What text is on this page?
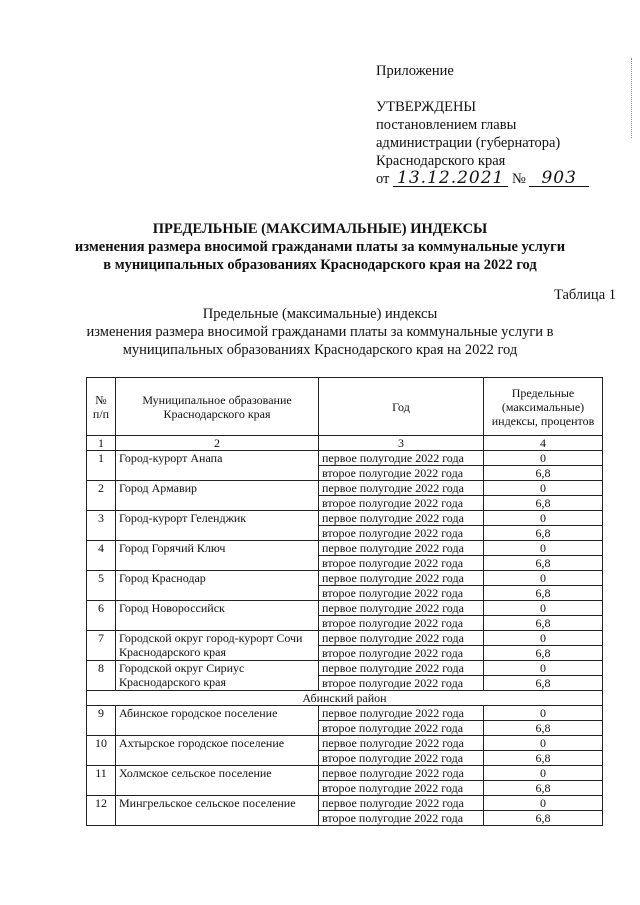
Приложение
УТВЕРЖДЕНЫ
постановлением главы
администрации (губернатора)
Краснодарского края
от 13.12.2021 № 903
ПРЕДЕЛЬНЫЕ (МАКСИМАЛЬНЫЕ) ИНДЕКСЫ
изменения размера вносимой гражданами платы за коммунальные услуги
в муниципальных образованиях Краснодарского края на 2022 год
Таблица 1
Предельные (максимальные) индексы
изменения размера вносимой гражданами платы за коммунальные услуги в
муниципальных образованиях Краснодарского края на 2022 год
№ п/п	Муниципальное образование Краснодарского края	Год	Предельные (максимальные) индексы, процентов
1	2	3	4
1	Город-курорт Анапа	первое полугодие 2022 года	0
		второе полугодие 2022 года	6,8
2	Город Армавир	первое полугодие 2022 года	0
		второе полугодие 2022 года	6,8
3	Город-курорт Геленджик	первое полугодие 2022 года	0
		второе полугодие 2022 года	6,8
4	Город Горячий Ключ	первое полугодие 2022 года	0
		второе полугодие 2022 года	6,8
5	Город Краснодар	первое полугодие 2022 года	0
		второе полугодие 2022 года	6,8
6	Город Новороссийск	первое полугодие 2022 года	0
		второе полугодие 2022 года	6,8
7	Городской округ город-курорт Сочи Краснодарского края	первое полугодие 2022 года	0
		второе полугодие 2022 года	6,8
8	Городской округ Сириус Краснодарского края	первое полугодие 2022 года	0
		второе полугодие 2022 года	6,8
Абинский район			
9	Абинское городское поселение	первое полугодие 2022 года	0
		второе полугодие 2022 года	6,8
10	Ахтырское городское поселение	первое полугодие 2022 года	0
		второе полугодие 2022 года	6,8
11	Холмское сельское поселение	первое полугодие 2022 года	0
		второе полугодие 2022 года	6,8
12	Мингрельское сельское поселение	первое полугодие 2022 года	0
		второе полугодие 2022 года	6,8
